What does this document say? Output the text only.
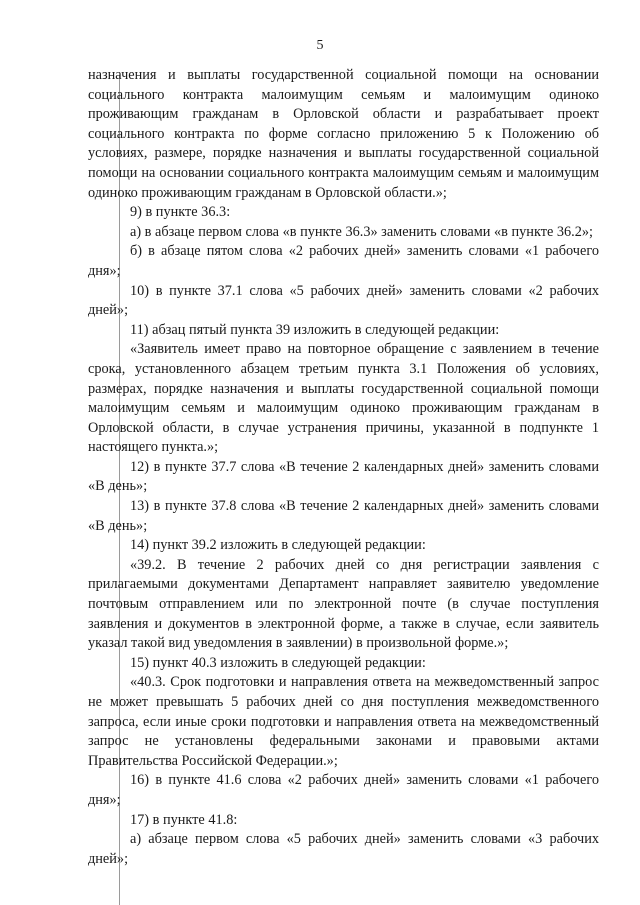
5

назначения и выплаты государственной социальной помощи на основании социального контракта малоимущим семьям и малоимущим одиноко проживающим гражданам в Орловской области и разрабатывает проект социального контракта по форме согласно приложению 5 к Положению об условиях, размере, порядке назначения и выплаты государственной социальной помощи на основании социального контракта малоимущим семьям и малоимущим одиноко проживающим гражданам в Орловской области.»;

9) в пункте 36.3:

а) в абзаце первом слова «в пункте 36.3» заменить словами «в пункте 36.2»;

б) в абзаце пятом слова «2 рабочих дней» заменить словами «1 рабочего дня»;

10) в пункте 37.1 слова «5 рабочих дней» заменить словами «2 рабочих дней»;

11) абзац пятый пункта 39 изложить в следующей редакции:

«Заявитель имеет право на повторное обращение с заявлением в течение срока, установленного абзацем третьим пункта 3.1 Положения об условиях, размерах, порядке назначения и выплаты государственной социальной помощи малоимущим семьям и малоимущим одиноко проживающим гражданам в Орловской области, в случае устранения причины, указанной в подпункте 1 настоящего пункта.»;

12) в пункте 37.7 слова «В течение 2 календарных дней» заменить словами «В день»;

13) в пункте 37.8 слова «В течение 2 календарных дней» заменить словами «В день»;

14) пункт 39.2 изложить в следующей редакции:

«39.2. В течение 2 рабочих дней со дня регистрации заявления с прилагаемыми документами Департамент направляет заявителю уведомление почтовым отправлением или по электронной почте (в случае поступления заявления и документов в электронной форме, а также в случае, если заявитель указал такой вид уведомления в заявлении) в произвольной форме.»;

15) пункт 40.3 изложить в следующей редакции:

«40.3. Срок подготовки и направления ответа на межведомственный запрос не может превышать 5 рабочих дней со дня поступления межведомственного запроса, если иные сроки подготовки и направления ответа на межведомственный запрос не установлены федеральными законами и правовыми актами Правительства Российской Федерации.»;

16) в пункте 41.6 слова «2 рабочих дней» заменить словами «1 рабочего дня»;

17) в пункте 41.8:

а) абзаце первом слова «5 рабочих дней» заменить словами «3 рабочих дней»;
